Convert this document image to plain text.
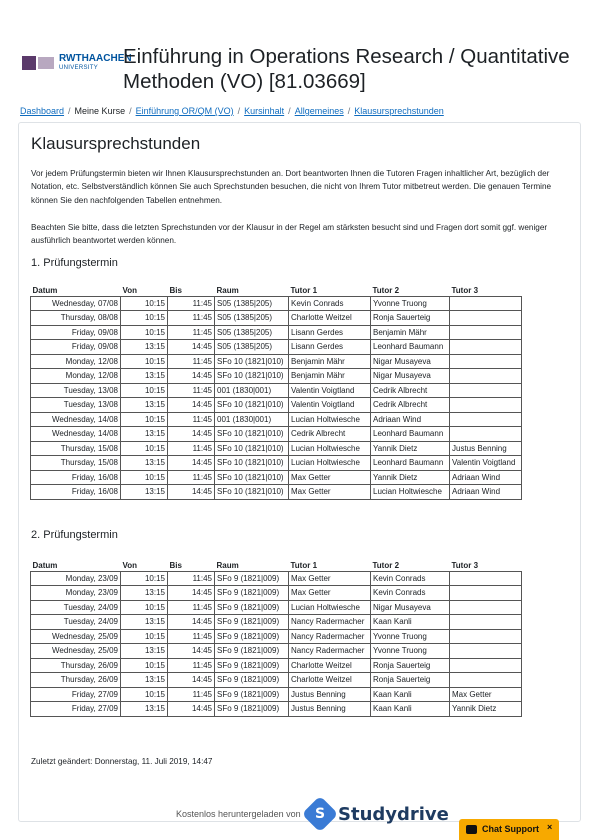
RWTHAACHEN
UNIVERSITY Einführung in Operations Research / Quantitative Methoden (VO) [81.03669]
Dashboard / Meine Kurse / Einführung OR/QM (VO) / Kursinhalt / Allgemeines / Klausursprechstunden
Klausursprechstunden

Vor jedem Prüfungstermin bieten wir Ihnen Klausursprechstunden an. Dort beantworten Ihnen die Tutoren Fragen inhaltlicher Art, bezüglich der Notation, etc. Selbstverständlich können Sie auch Sprechstunden besuchen, die nicht von Ihrem Tutor mitbetreut werden. Die genauen Termine können Sie den nachfolgenden Tabellen entnehmen.

Beachten Sie bitte, dass die letzten Sprechstunden vor der Klausur in der Regel am stärksten besucht sind und Fragen dort somit ggf. weniger ausführlich beantwortet werden können.

1. Prüfungstermin
Datum	Von	Bis	Raum	Tutor 1	Tutor 2	Tutor 3
Wednesday, 07/08	10:15	11:45	S05 (1385|205)	Kevin Conrads	Yvonne Truong	
Thursday, 08/08	10:15	11:45	S05 (1385|205)	Charlotte Weitzel	Ronja Sauerteig	
Friday, 09/08	10:15	11:45	S05 (1385|205)	Lisann Gerdes	Benjamin Mähr	
Friday, 09/08	13:15	14:45	S05 (1385|205)	Lisann Gerdes	Leonhard Baumann	
Monday, 12/08	10:15	11:45	SFo 10 (1821|010)	Benjamin Mähr	Nigar Musayeva	
Monday, 12/08	13:15	14:45	SFo 10 (1821|010)	Benjamin Mähr	Nigar Musayeva	
Tuesday, 13/08	10:15	11:45	001 (1830|001)	Valentin Voigtland	Cedrik Albrecht	
Tuesday, 13/08	13:15	14:45	SFo 10 (1821|010)	Valentin Voigtland	Cedrik Albrecht	
Wednesday, 14/08	10:15	11:45	001 (1830|001)	Lucian Holtwiesche	Adriaan Wind	
Wednesday, 14/08	13:15	14:45	SFo 10 (1821|010)	Cedrik Albrecht	Leonhard Baumann	
Thursday, 15/08	10:15	11:45	SFo 10 (1821|010)	Lucian Holtwiesche	Yannik Dietz	Justus Benning
Thursday, 15/08	13:15	14:45	SFo 10 (1821|010)	Lucian Holtwiesche	Leonhard Baumann	Valentin Voigtland
Friday, 16/08	10:15	11:45	SFo 10 (1821|010)	Max Getter	Yannik Dietz	Adriaan Wind
Friday, 16/08	13:15	14:45	SFo 10 (1821|010)	Max Getter	Lucian Holtwiesche	Adriaan Wind
2. Prüfungstermin
Datum	Von	Bis	Raum	Tutor 1	Tutor 2	Tutor 3
Monday, 23/09	10:15	11:45	SFo 9 (1821|009)	Max Getter	Kevin Conrads	
Monday, 23/09	13:15	14:45	SFo 9 (1821|009)	Max Getter	Kevin Conrads	
Tuesday, 24/09	10:15	11:45	SFo 9 (1821|009)	Lucian Holtwiesche	Nigar Musayeva	
Tuesday, 24/09	13:15	14:45	SFo 9 (1821|009)	Nancy Radermacher	Kaan Kanli	
Wednesday, 25/09	10:15	11:45	SFo 9 (1821|009)	Nancy Radermacher	Yvonne Truong	
Wednesday, 25/09	13:15	14:45	SFo 9 (1821|009)	Nancy Radermacher	Yvonne Truong	
Thursday, 26/09	10:15	11:45	SFo 9 (1821|009)	Charlotte Weitzel	Ronja Sauerteig	
Thursday, 26/09	13:15	14:45	SFo 9 (1821|009)	Charlotte Weitzel	Ronja Sauerteig	
Friday, 27/09	10:15	11:45	SFo 9 (1821|009)	Justus Benning	Kaan Kanli	Max Getter
Friday, 27/09	13:15	14:45	SFo 9 (1821|009)	Justus Benning	Kaan Kanli	Yannik Dietz

Zuletzt geändert: Donnerstag, 11. Juli 2019, 14:47

Kostenlos heruntergeladen von	S Studydrive
Chat Support ×
